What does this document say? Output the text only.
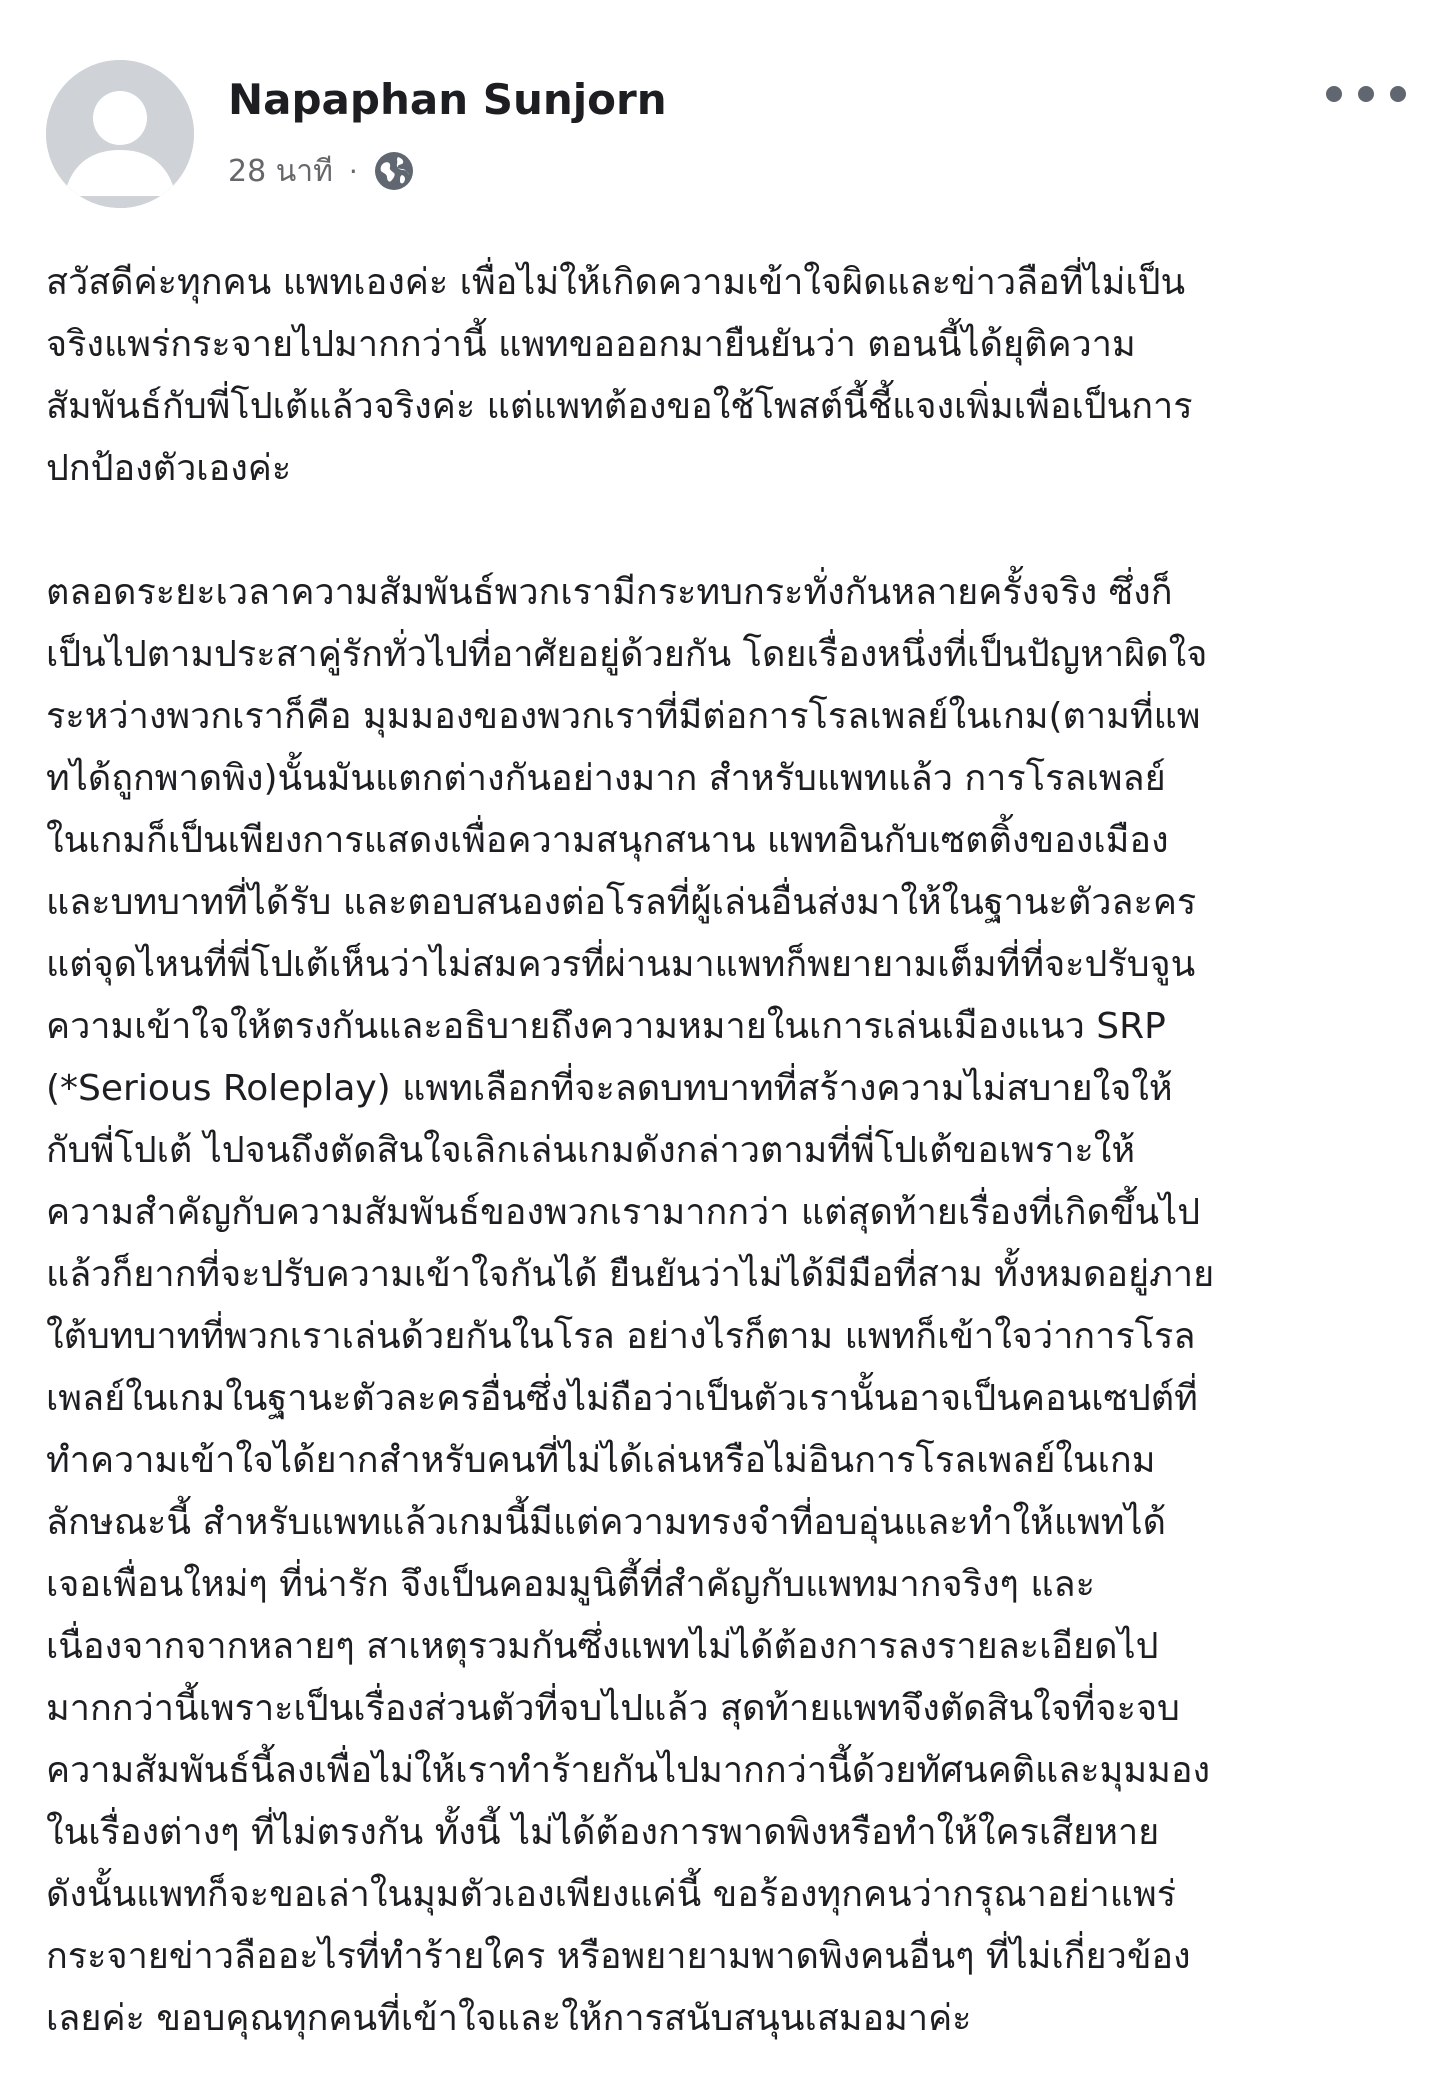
Napaphan Sunjorn
28 นาที ·

สวัสดีค่ะทุกคน แพทเองค่ะ เพื่อไม่ให้เกิดความเข้าใจผิดและข่าวลือที่ไม่เป็น
จริงแพร่กระจายไปมากกว่านี้ แพทขอออกมายืนยันว่า ตอนนี้ได้ยุติความ
สัมพันธ์กับพี่โปเต้แล้วจริงค่ะ แต่แพทต้องขอใช้โพสต์นี้ชี้แจงเพิ่มเพื่อเป็นการ
ปกป้องตัวเองค่ะ

ตลอดระยะเวลาความสัมพันธ์พวกเรามีกระทบกระทั่งกันหลายครั้งจริง ซึ่งก็
เป็นไปตามประสาคู่รักทั่วไปที่อาศัยอยู่ด้วยกัน โดยเรื่องหนึ่งที่เป็นปัญหาผิดใจ
ระหว่างพวกเราก็คือ มุมมองของพวกเราที่มีต่อการโรลเพลย์ในเกม(ตามที่แพ
ทได้ถูกพาดพิง)นั้นมันแตกต่างกันอย่างมาก สำหรับแพทแล้ว การโรลเพลย์
ในเกมก็เป็นเพียงการแสดงเพื่อความสนุกสนาน แพทอินกับเซตติ้งของเมือง
และบทบาทที่ได้รับ และตอบสนองต่อโรลที่ผู้เล่นอื่นส่งมาให้ในฐานะตัวละคร
แต่จุดไหนที่พี่โปเต้เห็นว่าไม่สมควรที่ผ่านมาแพทก็พยายามเต็มที่ที่จะปรับจูน
ความเข้าใจให้ตรงกันและอธิบายถึงความหมายในเการเล่นเมืองแนว SRP
(*Serious Roleplay) แพทเลือกที่จะลดบทบาทที่สร้างความไม่สบายใจให้
กับพี่โปเต้ ไปจนถึงตัดสินใจเลิกเล่นเกมดังกล่าวตามที่พี่โปเต้ขอเพราะให้
ความสำคัญกับความสัมพันธ์ของพวกเรามากกว่า แต่สุดท้ายเรื่องที่เกิดขึ้นไป
แล้วก็ยากที่จะปรับความเข้าใจกันได้ ยืนยันว่าไม่ได้มีมือที่สาม ทั้งหมดอยู่ภาย
ใต้บทบาทที่พวกเราเล่นด้วยกันในโรล อย่างไรก็ตาม แพทก็เข้าใจว่าการโรล
เพลย์ในเกมในฐานะตัวละครอื่นซึ่งไม่ถือว่าเป็นตัวเรานั้นอาจเป็นคอนเซปต์ที่
ทำความเข้าใจได้ยากสำหรับคนที่ไม่ได้เล่นหรือไม่อินการโรลเพลย์ในเกม
ลักษณะนี้ สำหรับแพทแล้วเกมนี้มีแต่ความทรงจำที่อบอุ่นและทำให้แพทได้
เจอเพื่อนใหม่ๆ ที่น่ารัก จึงเป็นคอมมูนิตี้ที่สำคัญกับแพทมากจริงๆ และ
เนื่องจากจากหลายๆ สาเหตุรวมกันซึ่งแพทไม่ได้ต้องการลงรายละเอียดไป
มากกว่านี้เพราะเป็นเรื่องส่วนตัวที่จบไปแล้ว สุดท้ายแพทจึงตัดสินใจที่จะจบ
ความสัมพันธ์นี้ลงเพื่อไม่ให้เราทำร้ายกันไปมากกว่านี้ด้วยทัศนคติและมุมมอง
ในเรื่องต่างๆ ที่ไม่ตรงกัน ทั้งนี้ ไม่ได้ต้องการพาดพิงหรือทำให้ใครเสียหาย
ดังนั้นแพทก็จะขอเล่าในมุมตัวเองเพียงแค่นี้ ขอร้องทุกคนว่ากรุณาอย่าแพร่
กระจายข่าวลืออะไรที่ทำร้ายใคร หรือพยายามพาดพิงคนอื่นๆ ที่ไม่เกี่ยวข้อง
เลยค่ะ ขอบคุณทุกคนที่เข้าใจและให้การสนับสนุนเสมอมาค่ะ
